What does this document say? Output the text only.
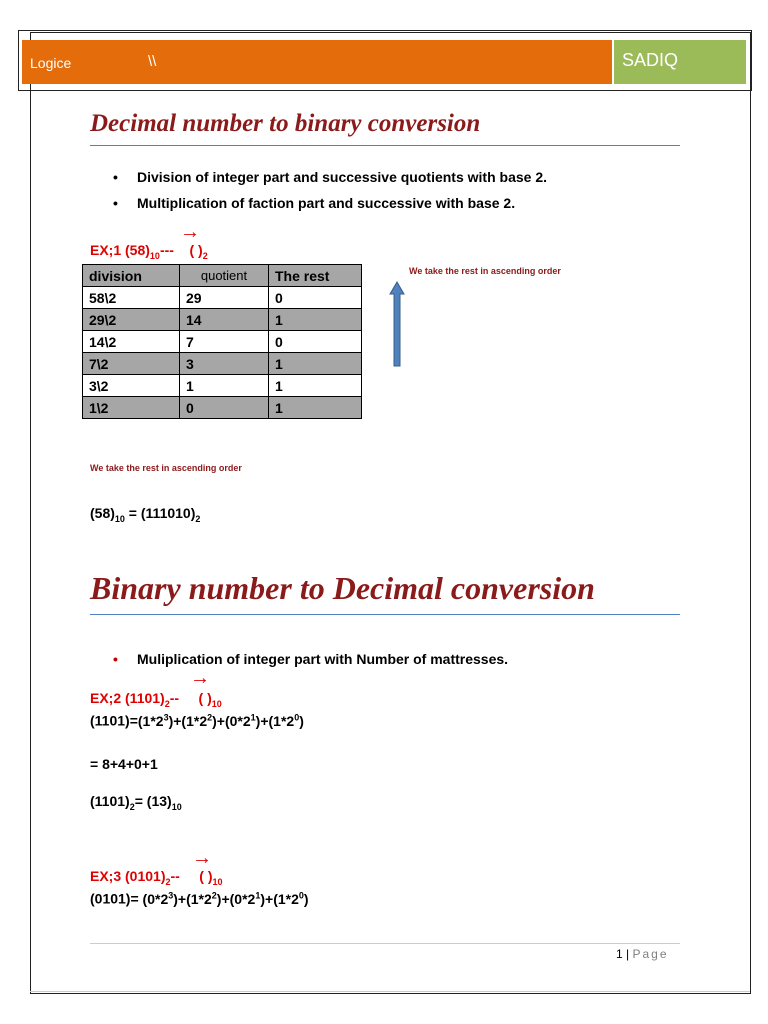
Logice	\\	SADIQ
Decimal number to binary conversion
• Division of integer part and successive quotients with base 2.
• Multiplication of faction part and successive with base 2.
→
EX;1 $(58)_{10}---$ ( )$_2$
division	quotient	The rest
58\2	29	0
29\2	14	1
14\2	7	0
7\2	3	1
3\2	1	1
1\2	0	1
We take the rest in ascending order
We take the rest in ascending order
$(58)_{10} = (111010)_2$
Binary number to Decimal conversion
• Muliplication of integer part with Number of mattresses.
→
EX;2 $(1101)_2--$ ( )$_{10}$
$(1101)=(1*2^3)+(1*2^2)+(0*2^1)+(1*2^0)$
= 8+4+0+1
$(1101)_2= (13)_{10}$
→
EX;3 $(0101)_2--$ ( )$_{10}$
$(0101)= (0*2^3)+(1*2^2)+(0*2^1)+(1*2^0)$
1 | Page
